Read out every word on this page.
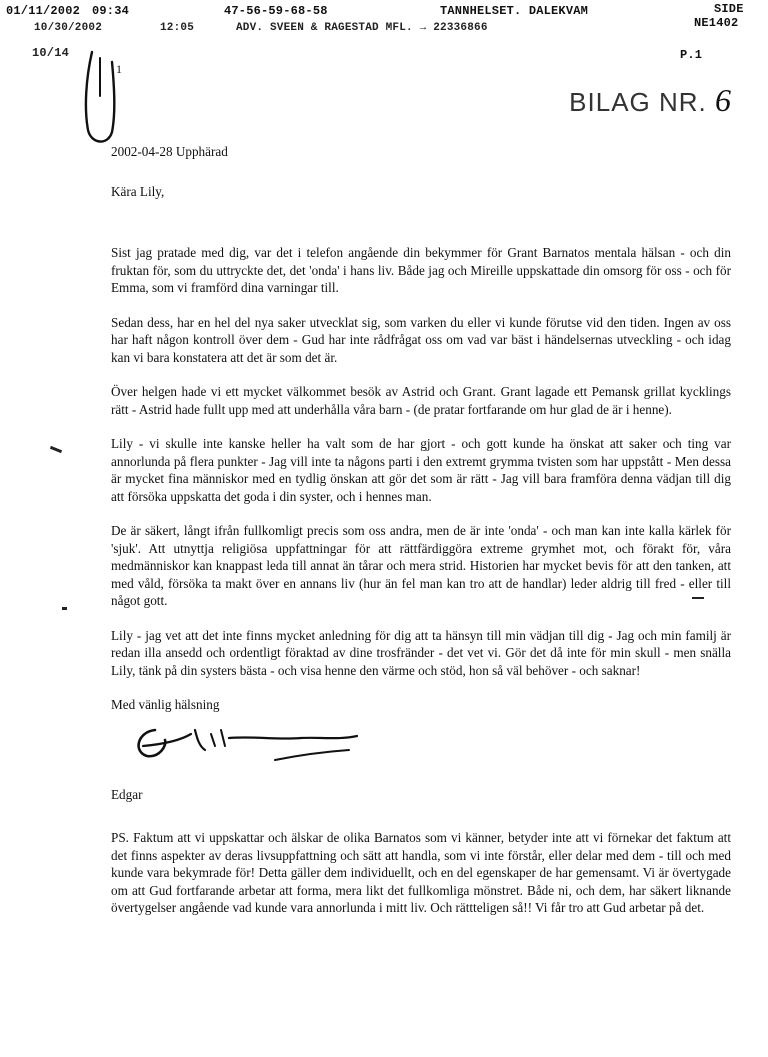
01/11/2002 09:34	47-56-59-68-58	TANNHELSET. DALEKVAM	SIDE
10/30/2002	12:05	ADV. SVEEN & RAGESTAD MFL. → 22336866	NE1402
10/14	P.1
1
BILAG NR. 6

2002-04-28 Upphärad

Kära Lily,

Sist jag pratade med dig, var det i telefon angående din bekymmer för Grant Barnatos mentala hälsan - och din fruktan för, som du uttryckte det, det 'onda' i hans liv. Både jag och Mireille uppskattade din omsorg för oss - och för Emma, som vi framförd dina varningar till.

Sedan dess, har en hel del nya saker utvecklat sig, som varken du eller vi kunde förutse vid den tiden. Ingen av oss har haft någon kontroll över dem - Gud har inte rådfrågat oss om vad var bäst i händelsernas utveckling - och idag kan vi bara konstatera att det är som det är.

Över helgen hade vi ett mycket välkommet besök av Astrid och Grant. Grant lagade ett Pemansk grillat kycklings rätt - Astrid hade fullt upp med att underhålla våra barn - (de pratar fortfarande om hur glad de är i henne).

Lily - vi skulle inte kanske heller ha valt som de har gjort - och gott kunde ha önskat att saker och ting var annorlunda på flera punkter - Jag vill inte ta någons parti i den extremt grymma tvisten som har uppstått - Men dessa är mycket fina människor med en tydlig önskan att gör det som är rätt - Jag vill bara framföra denna vädjan till dig att försöka uppskatta det goda i din syster, och i hennes man.

De är säkert, långt ifrån fullkomligt precis som oss andra, men de är inte 'onda' - och man kan inte kalla kärlek för 'sjuk'. Att utnyttja religiösa uppfattningar för att rättfärdiggöra extreme grymhet mot, och förakt för, våra medmänniskor kan knappast leda till annat än tårar och mera strid. Historien har mycket bevis för att den tanken, att med våld, försöka ta makt över en annans liv (hur än fel man kan tro att de handlar) leder aldrig till fred - eller till något gott.

Lily - jag vet att det inte finns mycket anledning för dig att ta hänsyn till min vädjan till dig - Jag och min familj är redan illa ansedd och ordentligt föraktad av dine trosfränder - det vet vi. Gör det då inte för min skull - men snälla Lily, tänk på din systers bästa - och visa henne den värme och stöd, hon så väl behöver - och saknar!

Med vänlig hälsning

Edgar

PS. Faktum att vi uppskattar och älskar de olika Barnatos som vi känner, betyder inte att vi förnekar det faktum att det finns aspekter av deras livsuppfattning och sätt att handla, som vi inte förstår, eller delar med dem - till och med kunde vara bekymrade för! Detta gäller dem individuellt, och en del egenskaper de har gemensamt. Vi är övertygade om att Gud fortfarande arbetar att forma, mera likt det fullkomliga mönstret. Både ni, och dem, har säkert liknande övertygelser angående vad kunde vara annorlunda i mitt liv. Och rättteligen så!! Vi får tro att Gud arbetar på det.
